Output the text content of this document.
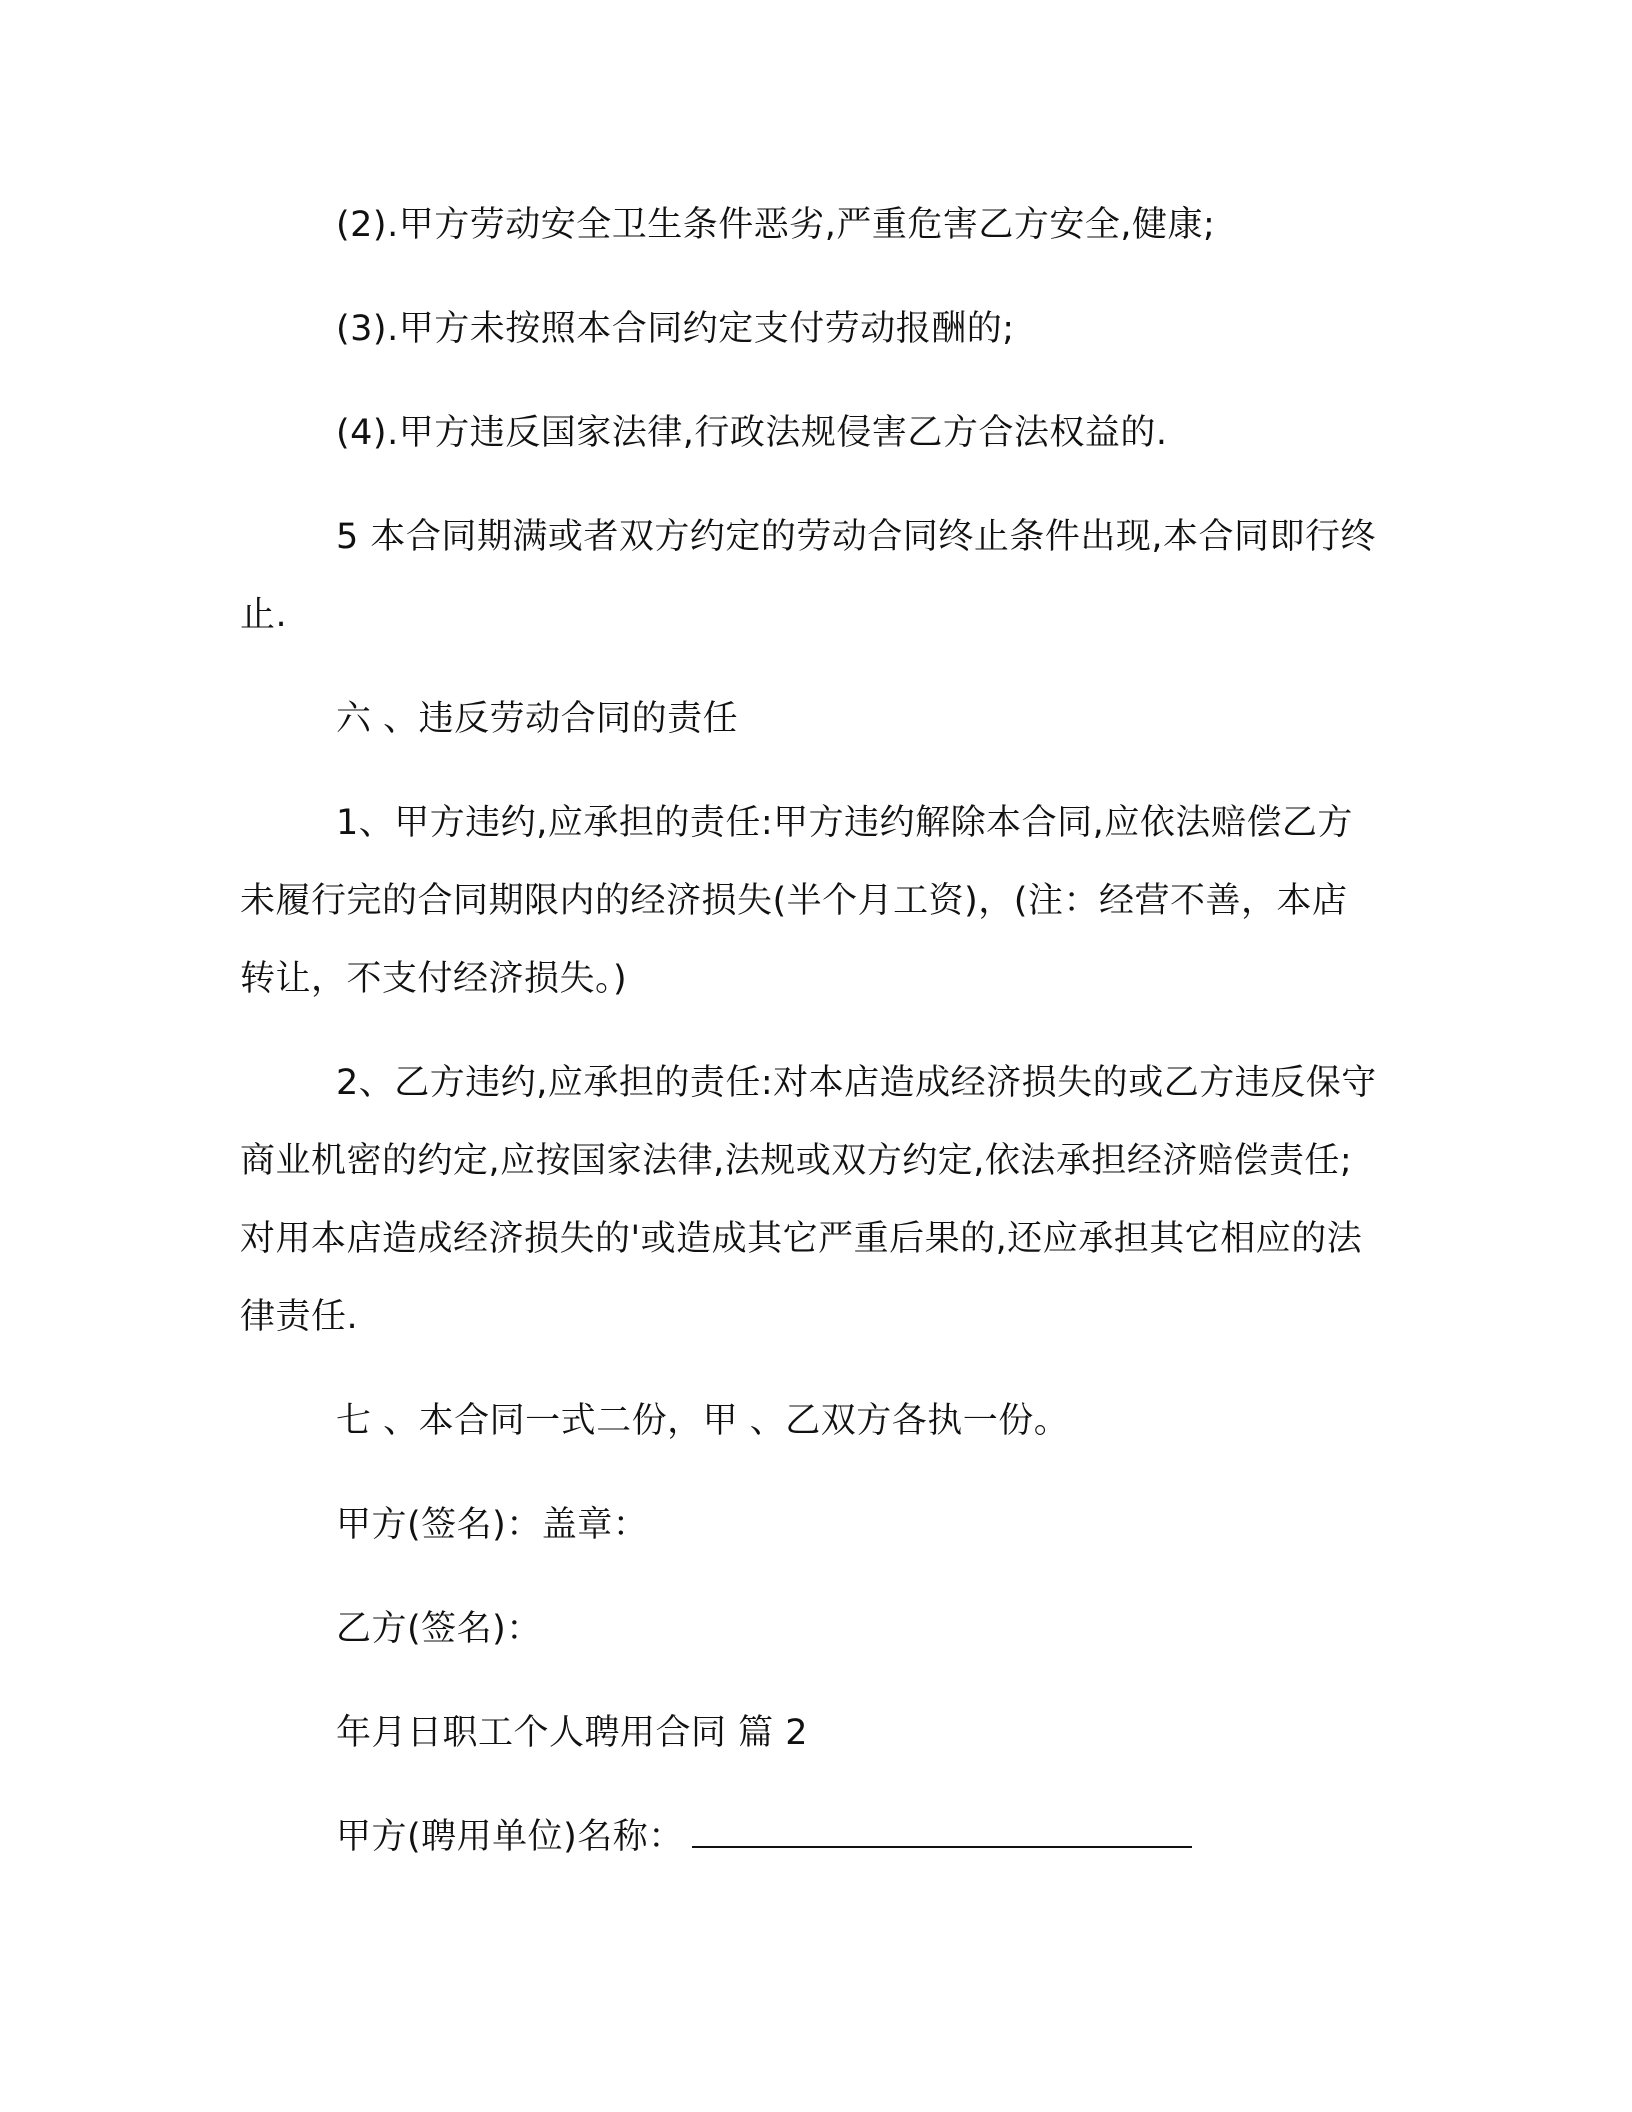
(2).甲方劳动安全卫生条件恶劣,严重危害乙方安全,健康;

(3).甲方未按照本合同约定支付劳动报酬的;

(4).甲方违反国家法律,行政法规侵害乙方合法权益的.

5 本合同期满或者双方约定的劳动合同终止条件出现,本合同即行终止.

六 、违反劳动合同的责任

1、甲方违约,应承担的责任:甲方违约解除本合同,应依法赔偿乙方未履行完的合同期限内的经济损失(半个月工资)，(注：经营不善，本店转让，不支付经济损失。)

2、乙方违约,应承担的责任:对本店造成经济损失的或乙方违反保守商业机密的约定,应按国家法律,法规或双方约定,依法承担经济赔偿责任;对用本店造成经济损失的'或造成其它严重后果的,还应承担其它相应的法律责任.

七 、本合同一式二份，甲 、乙双方各执一份。

甲方(签名)：盖章：

乙方(签名)：

年月日职工个人聘用合同 篇 2

甲方(聘用单位)名称：
